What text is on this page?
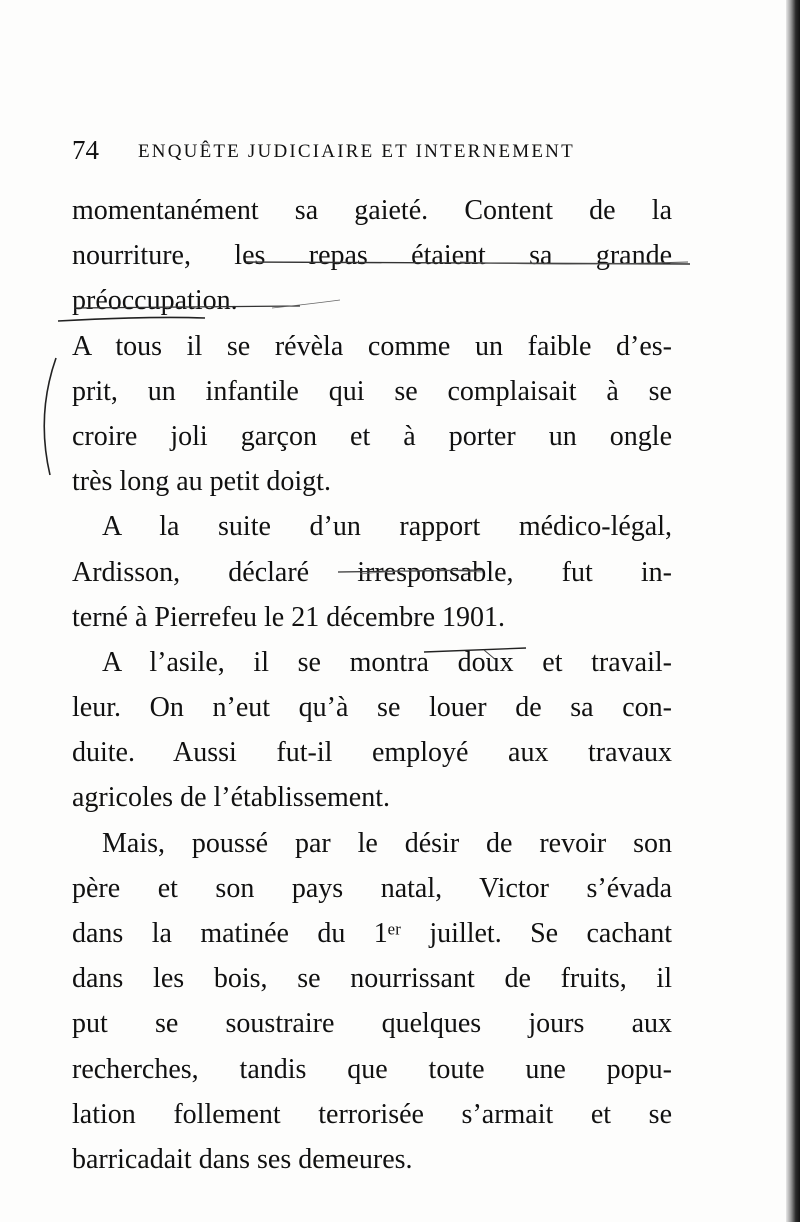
74 ENQUÊTE JUDICIAIRE ET INTERNEMENT
momentanément sa gaieté. Content de la
nourriture, les repas étaient sa grande
préoccupation.
A tous il se révèla comme un faible d’es-
prit, un infantile qui se complaisait à se
croire joli garçon et à porter un ongle
très long au petit doigt.
A la suite d’un rapport médico-légal,
Ardisson, déclaré irresponsable, fut in-
terné à Pierrefeu le 21 décembre 1901.
A l’asile, il se montra doux et travail-
leur. On n’eut qu’à se louer de sa con-
duite. Aussi fut-il employé aux travaux
agricoles de l’établissement.
Mais, poussé par le désir de revoir son
père et son pays natal, Victor s’évada
dans la matinée du 1ᵉʳ juillet. Se cachant
dans les bois, se nourrissant de fruits, il
put se soustraire quelques jours aux
recherches, tandis que toute une popu-
lation follement terrorisée s’armait et se
barricadait dans ses demeures.
